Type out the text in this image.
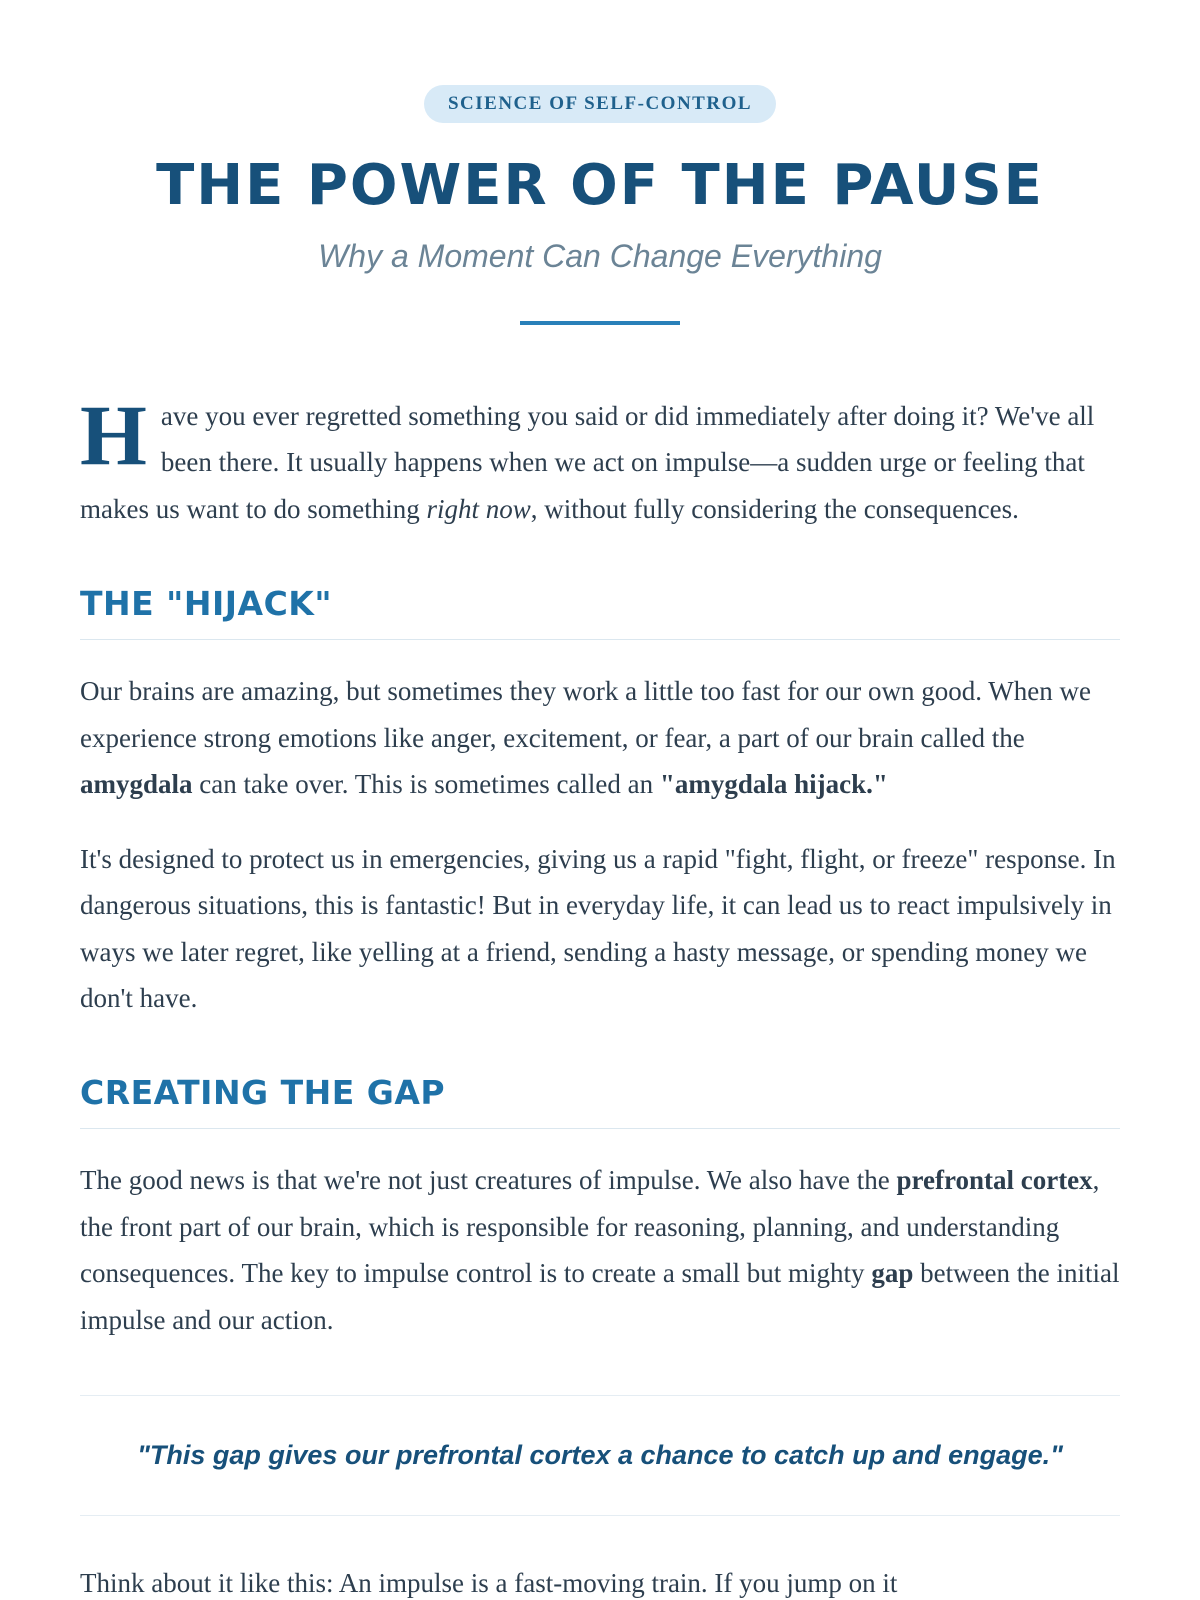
SCIENCE OF SELF-CONTROL
THE POWER OF THE PAUSE
Why a Moment Can Change Everything

Have you ever regretted something you said or did immediately after doing it? We've all been there. It usually happens when we act on impulse—a sudden urge or feeling that makes us want to do something right now, without fully considering the consequences.

THE "HIJACK"

Our brains are amazing, but sometimes they work a little too fast for our own good. When we experience strong emotions like anger, excitement, or fear, a part of our brain called the amygdala can take over. This is sometimes called an "amygdala hijack."

It's designed to protect us in emergencies, giving us a rapid "fight, flight, or freeze" response. In dangerous situations, this is fantastic! But in everyday life, it can lead us to react impulsively in ways we later regret, like yelling at a friend, sending a hasty message, or spending money we don't have.

CREATING THE GAP

The good news is that we're not just creatures of impulse. We also have the prefrontal cortex, the front part of our brain, which is responsible for reasoning, planning, and understanding consequences. The key to impulse control is to create a small but mighty gap between the initial impulse and our action.

"This gap gives our prefrontal cortex a chance to catch up and engage."

Think about it like this: An impulse is a fast-moving train. If you jump on it
